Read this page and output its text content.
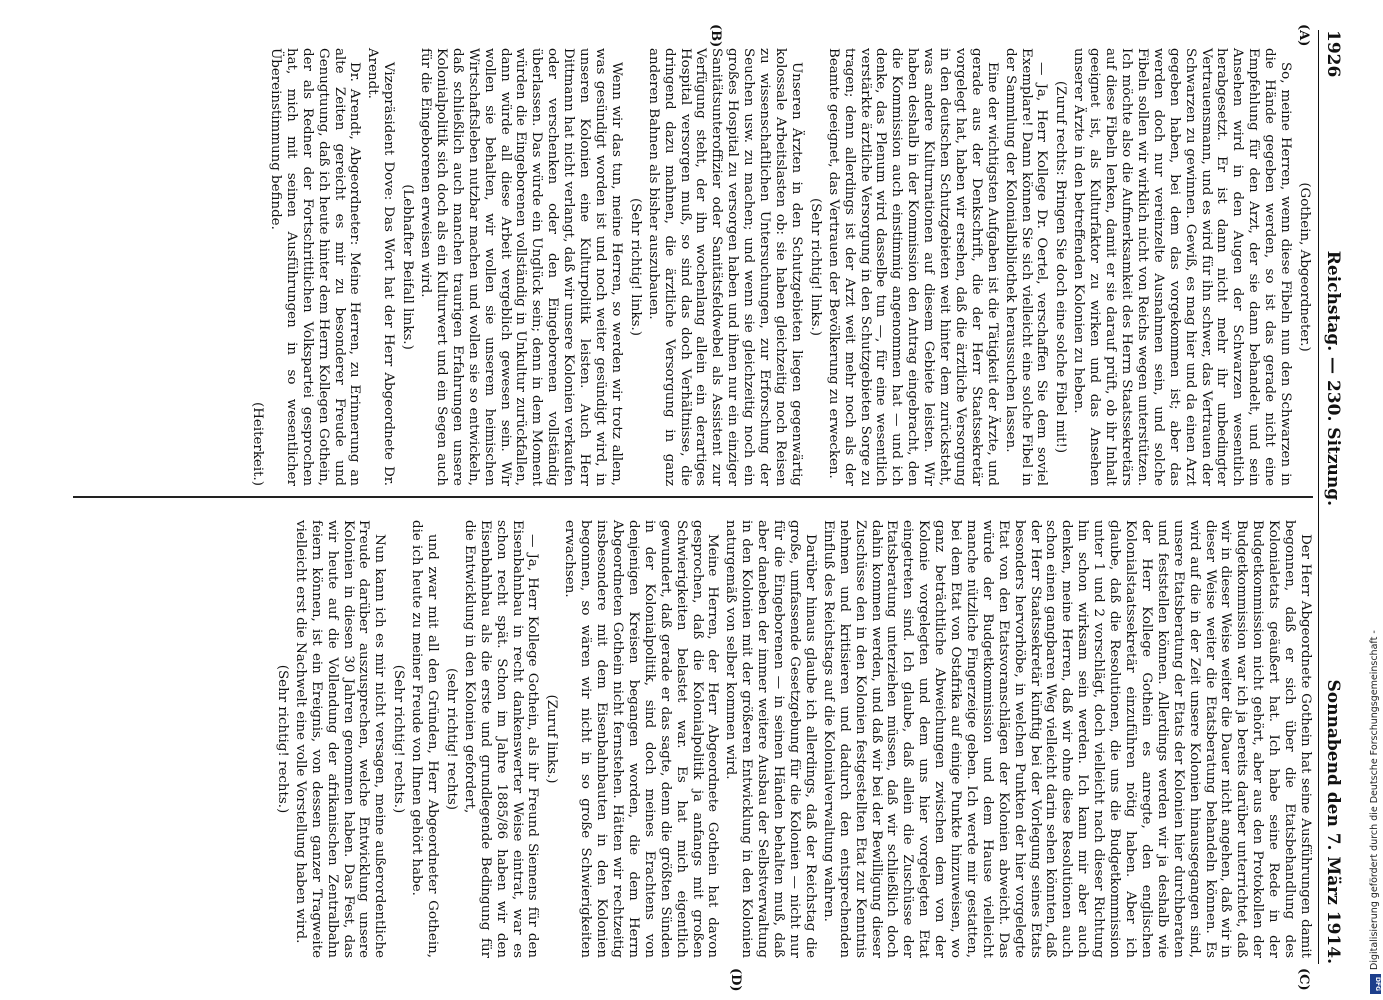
1926
Reichstag. — 230. Sitzung.
Sonnabend den 7. März 1914.
(A)
(B)
(C)
(D)

(Gothein, Abgeordneter.)

So, meine Herren, wenn diese Fibeln nun den Schwarzen in die Hände gegeben werden, so ist das gerade nicht eine Empfehlung für den Arzt, der sie dann behandelt, und sein Ansehen wird in den Augen der Schwarzen wesentlich herabgesetzt. Er ist dann nicht mehr ihr unbedingter Vertrauensmann, und es wird für ihn schwer, das Vertrauen der Schwarzen zu gewinnen. Gewiß, es mag hier und da einen Arzt gegeben haben, bei dem das vorgekommen ist; aber das werden doch nur vereinzelte Ausnahmen sein, und solche Fibeln sollen wir wirklich nicht von Reichs wegen unterstützen. Ich möchte also die Aufmerksamkeit des Herrn Staatssekretärs auf diese Fibeln lenken, damit er sie darauf prüft, ob ihr Inhalt geeignet ist, als Kulturfaktor zu wirken und das Ansehen unserer Ärzte in den betreffenden Kolonien zu heben.

(Zuruf rechts: Bringen Sie doch eine solche Fibel mit!)

— Ja, Herr Kollege Dr. Oertel, verschaffen Sie dem soviel Exemplare! Dann können Sie sich vielleicht eine solche Fibel in der Sammlung der Kolonialbibliothek heraussuchen lassen.

Eine der wichtigsten Aufgaben ist die Tätigkeit der Ärzte, und gerade aus der Denkschrift, die der Herr Staatssekretär vorgelegt hat, haben wir ersehen, daß die ärztliche Versorgung in den deutschen Schutzgebieten weit hinter dem zurücksteht, was andere Kulturnationen auf diesem Gebiete leisten. Wir haben deshalb in der Kommission den Antrag eingebracht, den die Kommission auch einstimmig angenommen hat — und ich denke, das Plenum wird dasselbe tun —, für eine wesentlich verstärkte ärztliche Versorgung in den Schutzgebieten Sorge zu tragen; denn allerdings ist der Arzt weit mehr noch als der Beamte geeignet, das Vertrauen der Bevölkerung zu erwecken.

(Sehr richtig! links.)

Unseren Ärzten in den Schutzgebieten liegen gegenwärtig kolossale Arbeitslasten ob: sie haben gleichzeitig noch Reisen zu wissenschaftlichen Untersuchungen, zur Erforschung der Seuchen usw. zu machen; und wenn sie gleichzeitig noch ein großes Hospital zu versorgen haben und ihnen nur ein einziger Sanitätsunteroffizier oder Sanitätsfeldwebel als Assistent zur Verfügung steht, der ihn wochenlang allein ein derartiges Hospital versorgen muß, so sind das doch Verhältnisse, die dringend dazu mahnen, die ärztliche Versorgung in ganz anderen Bahnen als bisher auszubauen.

(Sehr richtig! links.)

Wenn wir das tun, meine Herren, so werden wir trotz allem, was gesündigt worden ist und noch weiter gesündigt wird, in unseren Kolonien eine Kulturpolitik leisten. Auch Herr Dittmann hat nicht verlangt, daß wir unsere Kolonien verkaufen oder verschenken oder den Eingeborenen vollständig überlassen. Das würde ein Unglück sein; denn in dem Moment würden die Eingeborenen vollständig in Unkultur zurückfallen, dann würde all diese Arbeit vergeblich gewesen sein. Wir wollen sie behalten, wir wollen sie unserem heimischen Wirtschaftsleben nutzbar machen und wollen sie so entwickeln, daß schließlich auch manchen traurigen Erfahrungen unsere Kolonialpolitik sich doch als ein Kulturwert und ein Segen auch für die Eingeborenen erweisen wird.

(Lebhafter Beifall links.)

Vizepräsident Dove: Das Wort hat der Herr Abgeordnete Dr. Arendt.

Dr. Arendt, Abgeordneter: Meine Herren, zu Erinnerung an alte Zeiten gereicht es mir zu besonderer Freude und Genugtuung, daß ich heute hinter dem Herrn Kollegen Gothein, der als Redner der Fortschrittlichen Volkspartei gesprochen hat, mich mit seinen Ausführungen in so wesentlicher Übereinstimmung befinde.

(Heiterkeit.)

Der Herr Abgeordnete Gothein hat seine Ausführungen damit begonnen, daß er sich über die Etatsbehandlung des Kolonialetats geäußert hat. Ich habe seine Rede in der Budgetkommission nicht gehört, aber aus den Protokollen der Budgetkommission war ich ja bereits darüber unterrichtet, daß wir in dieser Weise weiter die Dauer nicht angehen, daß wir in dieser Weise weiter die Etatsberatung behandeln können. Es wird auf die in der Zeit unsere Kolonien hinausgegangen sind, unsere Etatsberatung der Etats der Kolonien hier durchberaten und feststellen können. Allerdings werden wir ja deshalb wie der Herr Kollege Gothein es anregte, den englischen Kolonialstaatssekretär einzuführen nötig haben. Aber ich glaube, daß die Resolutionen, die uns die Budgetkommission unter 1 und 2 vorschlägt, doch vielleicht nach dieser Richtung hin schon wirksam sein werden. Ich kann mir aber auch denken, meine Herren, daß wir ohne diese Resolutionen auch schon einen gangbaren Weg vielleicht darin sehen könnten, daß der Herr Staatssekretär künftig bei der Vorlegung seines Etats besonders hervorhöbe, in welchen Punkten der hier vorgelegte Etat von den Etatsvoranschlägen der Kolonien abweicht. Das würde der Budgetkommission und dem Hause vielleicht manche nützliche Fingerzeige geben. Ich werde mir gestatten, bei dem Etat von Ostafrika auf einige Punkte hinzuweisen, wo ganz beträchtliche Abweichungen zwischen dem von der Kolonie vorgelegten und dem uns hier vorgelegten Etat eingetreten sind. Ich glaube, daß allein die Zuschüsse der Etatsberatung unterziehen müssen, daß wir schließlich doch dahin kommen werden, und daß wir bei der Bewilligung dieser Zuschüsse den in den Kolonien festgestellten Etat zur Kenntnis nehmen und kritisieren und dadurch den entsprechenden Einfluß des Reichstags auf die Kolonialverwaltung wahren.

Darüber hinaus glaube ich allerdings, daß der Reichstag die große, umfassende Gesetzgebung für die Kolonien — nicht nur für die Eingeborenen — in seinen Händen behalten muß, daß aber daneben der immer weitere Ausbau der Selbstverwaltung in den Kolonien mit der größeren Entwicklung in den Kolonien naturgemäß von selber kommen wird.

Meine Herren, der Herr Abgeordnete Gothein hat davon gesprochen, daß die Kolonialpolitik ja anfangs mit großen Schwierigkeiten belastet war. Es hat mich eigentlich gewundert, daß gerade er das sagte, denn die größten Sünden in der Kolonialpolitik, sind doch meines Erachtens von denjenigen Kreisen begangen worden, die dem Herrn Abgeordneten Gothein nicht fernstehen. Hätten wir rechtzeitig insbesondere mit dem Eisenbahnbauten in den Kolonien begonnen, so wären wir nicht in so große Schwierigkeiten erwachsen.

(Zuruf links.)

— Ja, Herr Kollege Gothein, als ihr Freund Siemens für den Eisenbahnbau in recht dankenswerter Weise eintrat, war es schon recht spät. Schon im Jahre 1885/86 haben wir den Eisenbahnbau als die erste und grundlegende Bedingung für die Entwicklung in den Kolonien gefordert,

(sehr richtig! rechts)

und zwar mit all den Gründen, Herr Abgeordneter Gothein, die ich heute zu meiner Freude von Ihnen gehört habe.

(Sehr richtig! rechts.)

Nun kann ich es mir nicht versagen, meine außerordentliche Freude darüber auszusprechen, welche Entwicklung unsere Kolonien in diesen 30 Jahren genommen haben. Das Fest, das wir heute auf die Vollendung der afrikanischen Zentralbahn feiern können, ist ein Ereignis, von dessen ganzer Tragweite vielleicht erst die Nachwelt eine volle Vorstellung haben wird.

(Sehr richtig! rechts.)	Digitalisierung gefördert durch die Deutsche Forschungsgemeinschaft -
DFG
